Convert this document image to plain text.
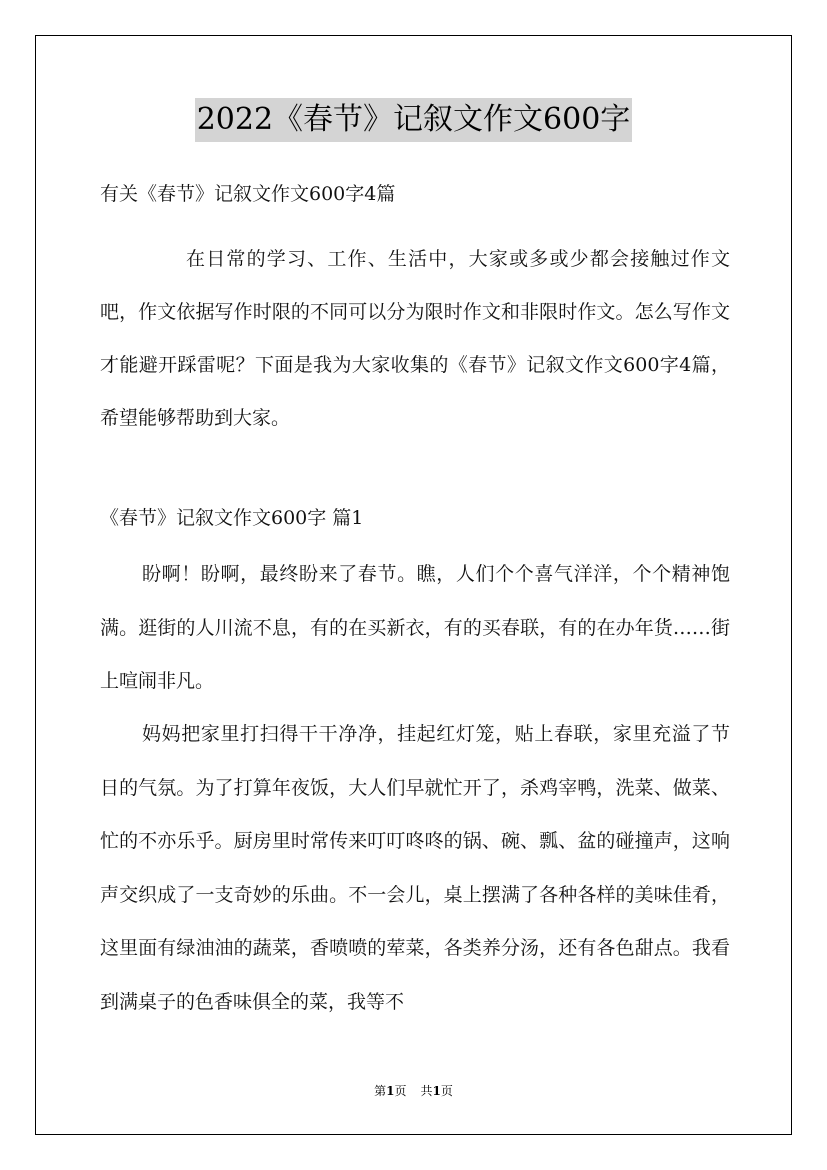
2022《春节》记叙文作文600字
有关《春节》记叙文作文600字4篇
在日常的学习、工作、生活中，大家或多或少都会接触过作文吧，作文依据写作时限的不同可以分为限时作文和非限时作文。怎么写作文才能避开踩雷呢？下面是我为大家收集的《春节》记叙文作文600字4篇，希望能够帮助到大家。
《春节》记叙文作文600字 篇1
盼啊！盼啊，最终盼来了春节。瞧，人们个个喜气洋洋，个个精神饱满。逛街的人川流不息，有的在买新衣，有的买春联，有的在办年货……街上喧闹非凡。
妈妈把家里打扫得干干净净，挂起红灯笼，贴上春联，家里充溢了节日的气氛。为了打算年夜饭，大人们早就忙开了，杀鸡宰鸭，洗菜、做菜、忙的不亦乐乎。厨房里时常传来叮叮咚咚的锅、碗、瓢、盆的碰撞声，这响声交织成了一支奇妙的乐曲。不一会儿，桌上摆满了各种各样的美味佳肴，这里面有绿油油的蔬菜，香喷喷的荤菜，各类养分汤，还有各色甜点。我看到满桌子的色香味俱全的菜，我等不
第1页 共1页
